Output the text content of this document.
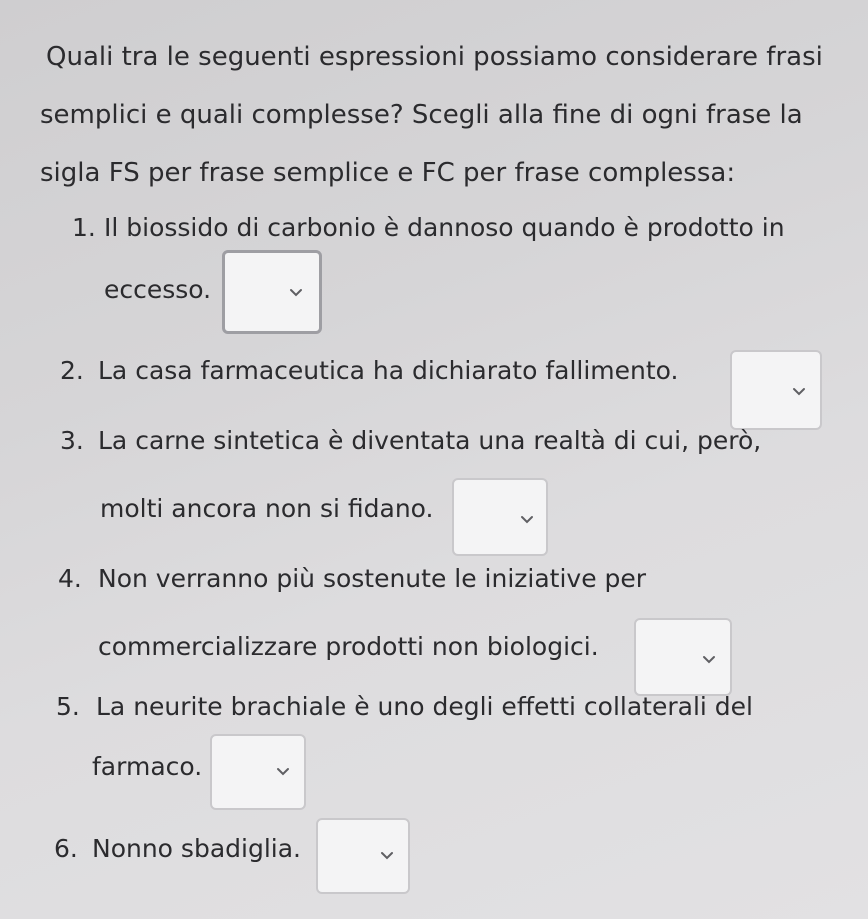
Quali tra le seguenti espressioni possiamo considerare frasi
semplici e quali complesse? Scegli alla fine di ogni frase la
sigla FS per frase semplice e FC per frase complessa:
1. Il biossido di carbonio è dannoso quando è prodotto in
eccesso.
2. La casa farmaceutica ha dichiarato fallimento.
3. La carne sintetica è diventata una realtà di cui, però,
molti ancora non si fidano.
4. Non verranno più sostenute le iniziative per
commercializzare prodotti non biologici.
5. La neurite brachiale è uno degli effetti collaterali del
farmaco.
6. Nonno sbadiglia.
